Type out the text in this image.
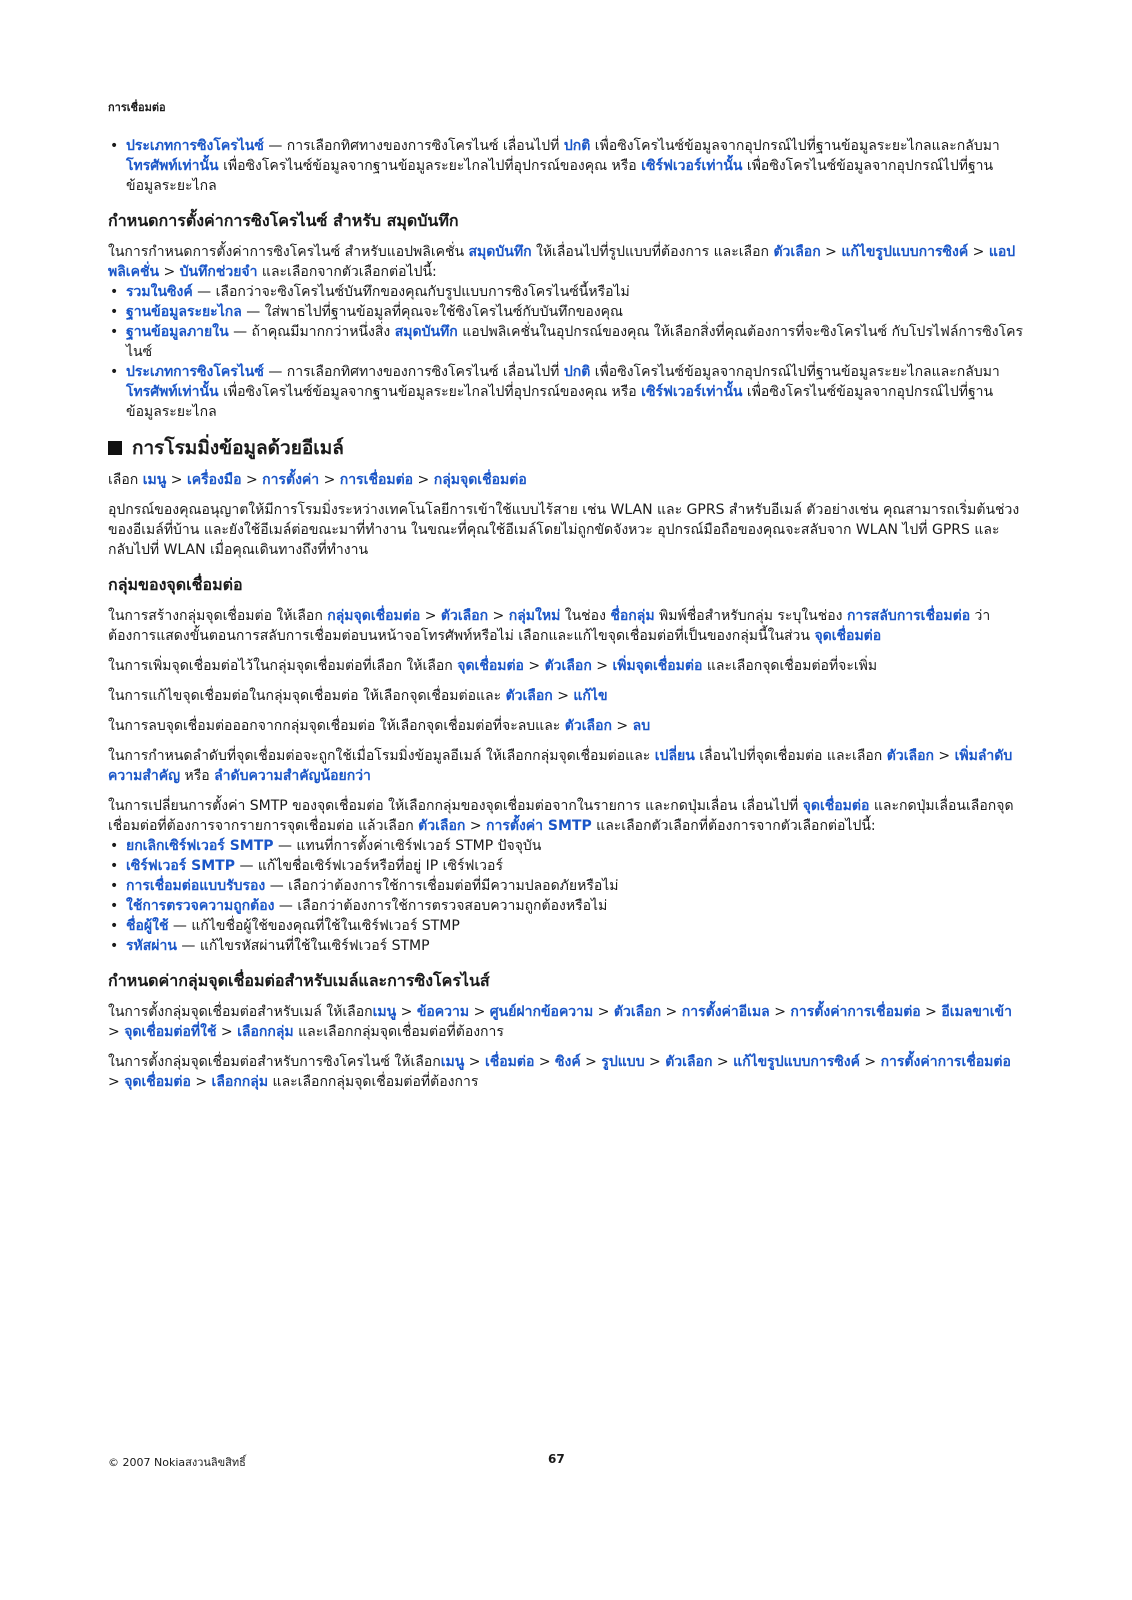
การเชื่อมต่อ
• ประเภทการซิงโครไนซ์ — การเลือกทิศทางของการซิงโครไนซ์ เลื่อนไปที่ ปกติ เพื่อซิงโครไนซ์ข้อมูลจากอุปกรณ์ไปที่ฐานข้อมูลระยะไกลและกลับมาโทรศัพท์เท่านั้น เพื่อซิงโครไนซ์ข้อมูลจากฐานข้อมูลระยะไกลไปที่อุปกรณ์ของคุณ หรือ เซิร์ฟเวอร์เท่านั้น เพื่อซิงโครไนซ์ข้อมูลจากอุปกรณ์ไปที่ฐานข้อมูลระยะไกล
กำหนดการตั้งค่าการซิงโครไนซ์ สำหรับ สมุดบันทึก

ในการกำหนดการตั้งค่าการซิงโครไนซ์ สำหรับแอปพลิเคชั่น สมุดบันทึก ให้เลื่อนไปที่รูปแบบที่ต้องการ และเลือก ตัวเลือก > แก้ไขรูปแบบการซิงค์ > แอปพลิเคชั่น > บันทึกช่วยจำ และเลือกจากตัวเลือกต่อไปนี้:

• รวมในซิงค์ — เลือกว่าจะซิงโครไนซ์บันทึกของคุณกับรูปแบบการซิงโครไนซ์นี้หรือไม่
• ฐานข้อมูลระยะไกล — ใส่พาธไปที่ฐานข้อมูลที่คุณจะใช้ซิงโครไนซ์กับบันทึกของคุณ
• ฐานข้อมูลภายใน — ถ้าคุณมีมากกว่าหนึ่งสิ่ง สมุดบันทึก แอปพลิเคชั่นในอุปกรณ์ของคุณ ให้เลือกสิ่งที่คุณต้องการที่จะซิงโครไนซ์ กับโปรไฟล์การซิงโครไนซ์
• ประเภทการซิงโครไนซ์ — การเลือกทิศทางของการซิงโครไนซ์ เลื่อนไปที่ ปกติ เพื่อซิงโครไนซ์ข้อมูลจากอุปกรณ์ไปที่ฐานข้อมูลระยะไกลและกลับมาโทรศัพท์เท่านั้น เพื่อซิงโครไนซ์ข้อมูลจากฐานข้อมูลระยะไกลไปที่อุปกรณ์ของคุณ หรือ เซิร์ฟเวอร์เท่านั้น เพื่อซิงโครไนซ์ข้อมูลจากอุปกรณ์ไปที่ฐานข้อมูลระยะไกล
การโรมมิ่งข้อมูลด้วยอีเมล์

เลือก เมนู > เครื่องมือ > การตั้งค่า > การเชื่อมต่อ > กลุ่มจุดเชื่อมต่อ

อุปกรณ์ของคุณอนุญาตให้มีการโรมมิ่งระหว่างเทคโนโลยีการเข้าใช้แบบไร้สาย เช่น WLAN และ GPRS สำหรับอีเมล์ ตัวอย่างเช่น คุณสามารถเริ่มต้นช่วงของอีเมล์ที่บ้าน และยังใช้อีเมล์ต่อขณะมาที่ทำงาน ในขณะที่คุณใช้อีเมล์โดยไม่ถูกขัดจังหวะ อุปกรณ์มือถือของคุณจะสลับจาก WLAN ไปที่ GPRS และกลับไปที่ WLAN เมื่อคุณเดินทางถึงที่ทำงาน

กลุ่มของจุดเชื่อมต่อ

ในการสร้างกลุ่มจุดเชื่อมต่อ ให้เลือก กลุ่มจุดเชื่อมต่อ > ตัวเลือก > กลุ่มใหม่ ในช่อง ชื่อกลุ่ม พิมพ์ชื่อสำหรับกลุ่ม ระบุในช่อง การสลับการเชื่อมต่อ ว่าต้องการแสดงขั้นตอนการสลับการเชื่อมต่อบนหน้าจอโทรศัพท์หรือไม่ เลือกและแก้ไขจุดเชื่อมต่อที่เป็นของกลุ่มนี้ในส่วน จุดเชื่อมต่อ

ในการเพิ่มจุดเชื่อมต่อไว้ในกลุ่มจุดเชื่อมต่อที่เลือก ให้เลือก จุดเชื่อมต่อ > ตัวเลือก > เพิ่มจุดเชื่อมต่อ และเลือกจุดเชื่อมต่อที่จะเพิ่ม

ในการแก้ไขจุดเชื่อมต่อในกลุ่มจุดเชื่อมต่อ ให้เลือกจุดเชื่อมต่อและ ตัวเลือก > แก้ไข

ในการลบจุดเชื่อมต่อออกจากกลุ่มจุดเชื่อมต่อ ให้เลือกจุดเชื่อมต่อที่จะลบและ ตัวเลือก > ลบ

ในการกำหนดลำดับที่จุดเชื่อมต่อจะถูกใช้เมื่อโรมมิ่งข้อมูลอีเมล์ ให้เลือกกลุ่มจุดเชื่อมต่อและ เปลี่ยน เลื่อนไปที่จุดเชื่อมต่อ และเลือก ตัวเลือก > เพิ่มลำดับความสำคัญ หรือ ลำดับความสำคัญน้อยกว่า

ในการเปลี่ยนการตั้งค่า SMTP ของจุดเชื่อมต่อ ให้เลือกกลุ่มของจุดเชื่อมต่อจากในรายการ และกดปุ่มเลื่อน เลื่อนไปที่ จุดเชื่อมต่อ และกดปุ่มเลื่อนเลือกจุดเชื่อมต่อที่ต้องการจากรายการจุดเชื่อมต่อ แล้วเลือก ตัวเลือก > การตั้งค่า SMTP และเลือกตัวเลือกที่ต้องการจากตัวเลือกต่อไปนี้:

• ยกเลิกเซิร์ฟเวอร์ SMTP — แทนที่การตั้งค่าเซิร์ฟเวอร์ STMP ปัจจุบัน
• เซิร์ฟเวอร์ SMTP — แก้ไขชื่อเซิร์ฟเวอร์หรือที่อยู่ IP เซิร์ฟเวอร์
• การเชื่อมต่อแบบรับรอง — เลือกว่าต้องการใช้การเชื่อมต่อที่มีความปลอดภัยหรือไม่
• ใช้การตรวจความถูกต้อง — เลือกว่าต้องการใช้การตรวจสอบความถูกต้องหรือไม่
• ชื่อผู้ใช้ — แก้ไขชื่อผู้ใช้ของคุณที่ใช้ในเซิร์ฟเวอร์ STMP
• รหัสผ่าน — แก้ไขรหัสผ่านที่ใช้ในเซิร์ฟเวอร์ STMP
กำหนดค่ากลุ่มจุดเชื่อมต่อสำหรับเมล์และการซิงโครไนส์

ในการตั้งกลุ่มจุดเชื่อมต่อสำหรับเมล์ ให้เลือกเมนู > ข้อความ > ศูนย์ฝากข้อความ > ตัวเลือก > การตั้งค่าอีเมล > การตั้งค่าการเชื่อมต่อ > อีเมลขาเข้า > จุดเชื่อมต่อที่ใช้ > เลือกกลุ่ม และเลือกกลุ่มจุดเชื่อมต่อที่ต้องการ

ในการตั้งกลุ่มจุดเชื่อมต่อสำหรับการซิงโครไนซ์ ให้เลือกเมนู > เชื่อมต่อ > ซิงค์ > รูปแบบ > ตัวเลือก > แก้ไขรูปแบบการซิงค์ > การตั้งค่าการเชื่อมต่อ > จุดเชื่อมต่อ > เลือกกลุ่ม และเลือกกลุ่มจุดเชื่อมต่อที่ต้องการ

© 2007 Nokiaสงวนลิขสิทธิ์	67
